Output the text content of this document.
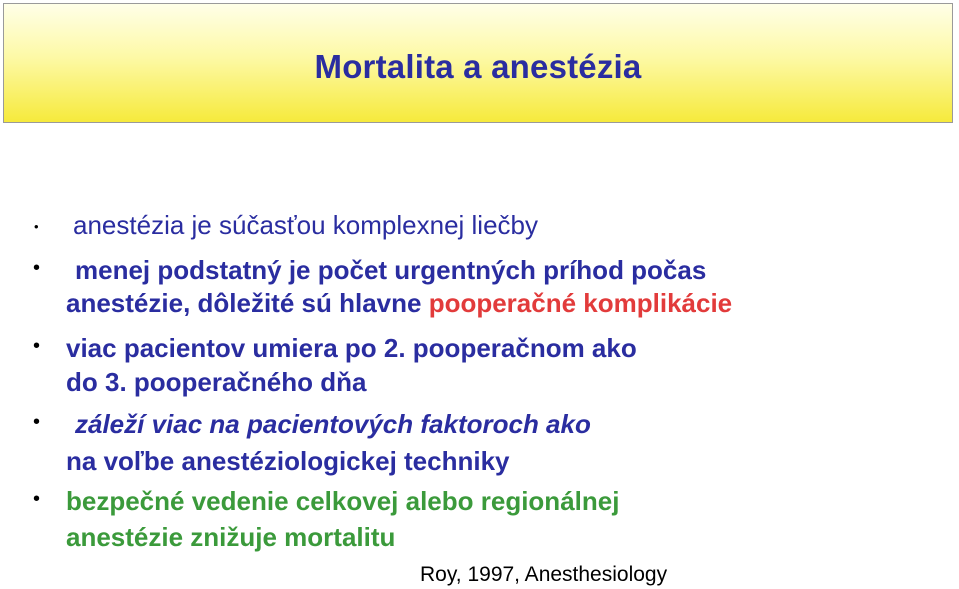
Mortalita a anestézia
• anestézia je súčasťou komplexnej liečby
• menej podstatný je počet urgentných príhod počas
anestézie, dôležité sú hlavne pooperačné komplikácie
• viac pacientov umiera po 2. pooperačnom ako
do 3. pooperačného dňa
• záleží viac na pacientových faktoroch ako
na voľbe anestéziologickej techniky
• bezpečné vedenie celkovej alebo regionálnej
anestézie znižuje mortalitu
Roy, 1997, Anesthesiology
